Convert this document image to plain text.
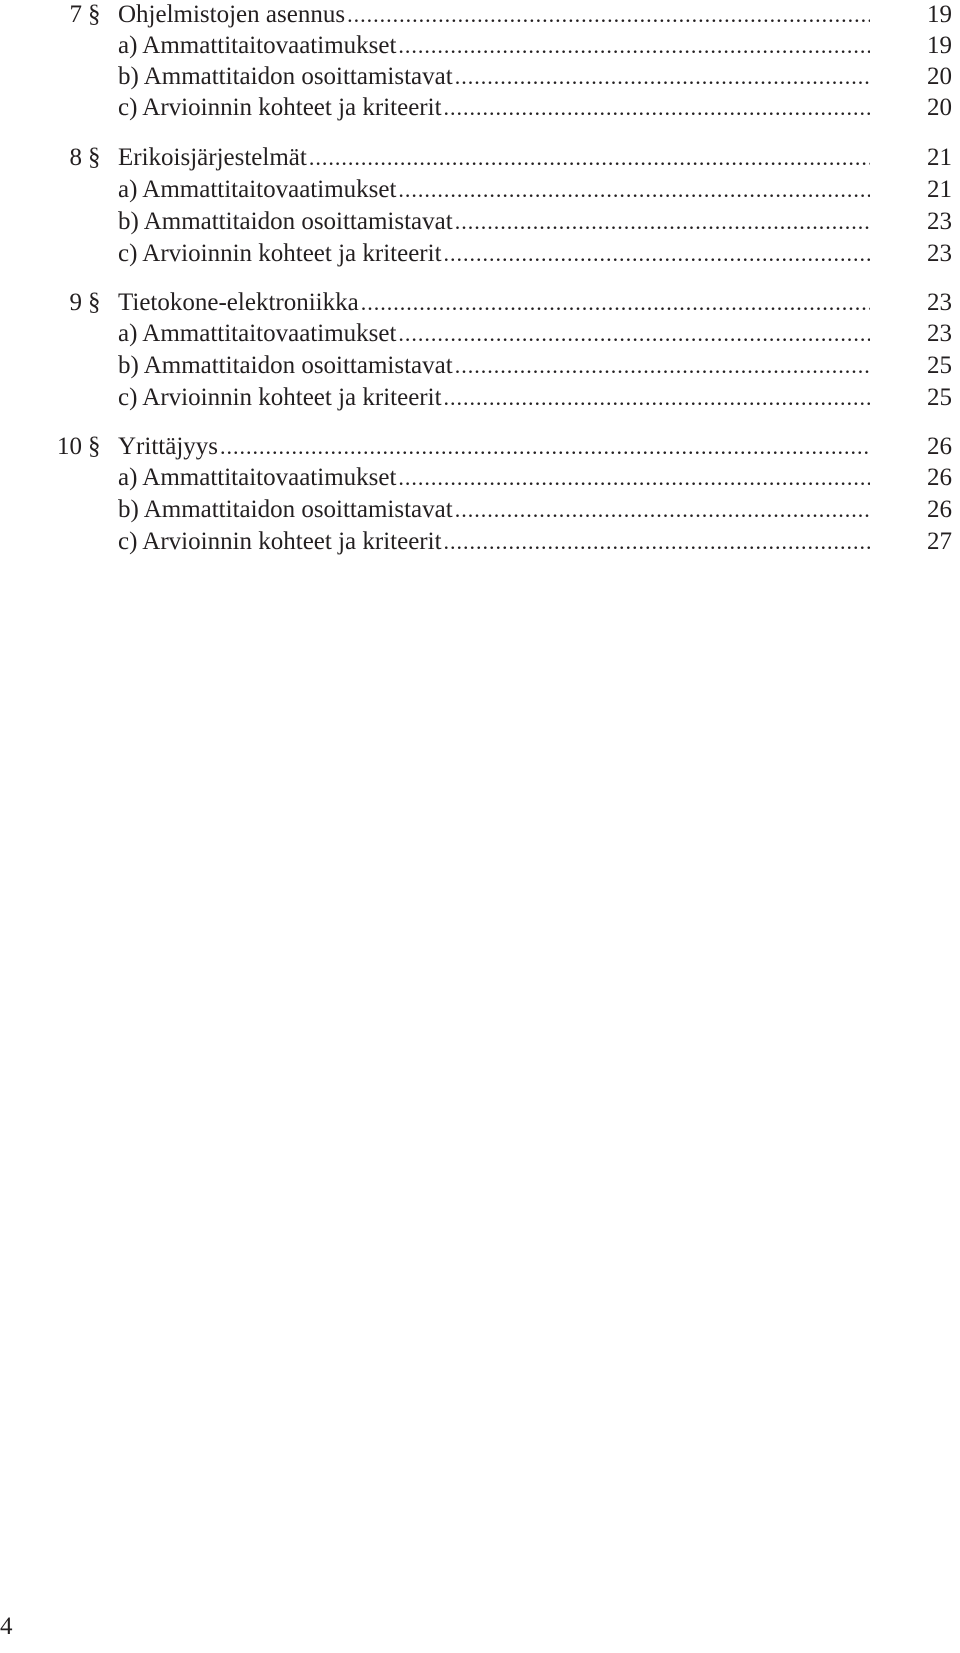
7 § Ohjelmistojen asennus .....	19
a) Ammattitaitovaatimukset .....	19
b) Ammattitaidon osoittamistavat .....	20
c) Arvioinnin kohteet ja kriteerit .....	20
8 § Erikoisjärjestelmät .....	21
a) Ammattitaitovaatimukset .....	21
b) Ammattitaidon osoittamistavat .....	23
c) Arvioinnin kohteet ja kriteerit .....	23
9 § Tietokone-elektroniikka .....	23
a) Ammattitaitovaatimukset .....	23
b) Ammattitaidon osoittamistavat .....	25
c) Arvioinnin kohteet ja kriteerit .....	25
10 § Yrittäjyys .....	26
a) Ammattitaitovaatimukset .....	26
b) Ammattitaidon osoittamistavat .....	26
c) Arvioinnin kohteet ja kriteerit .....	27
4
